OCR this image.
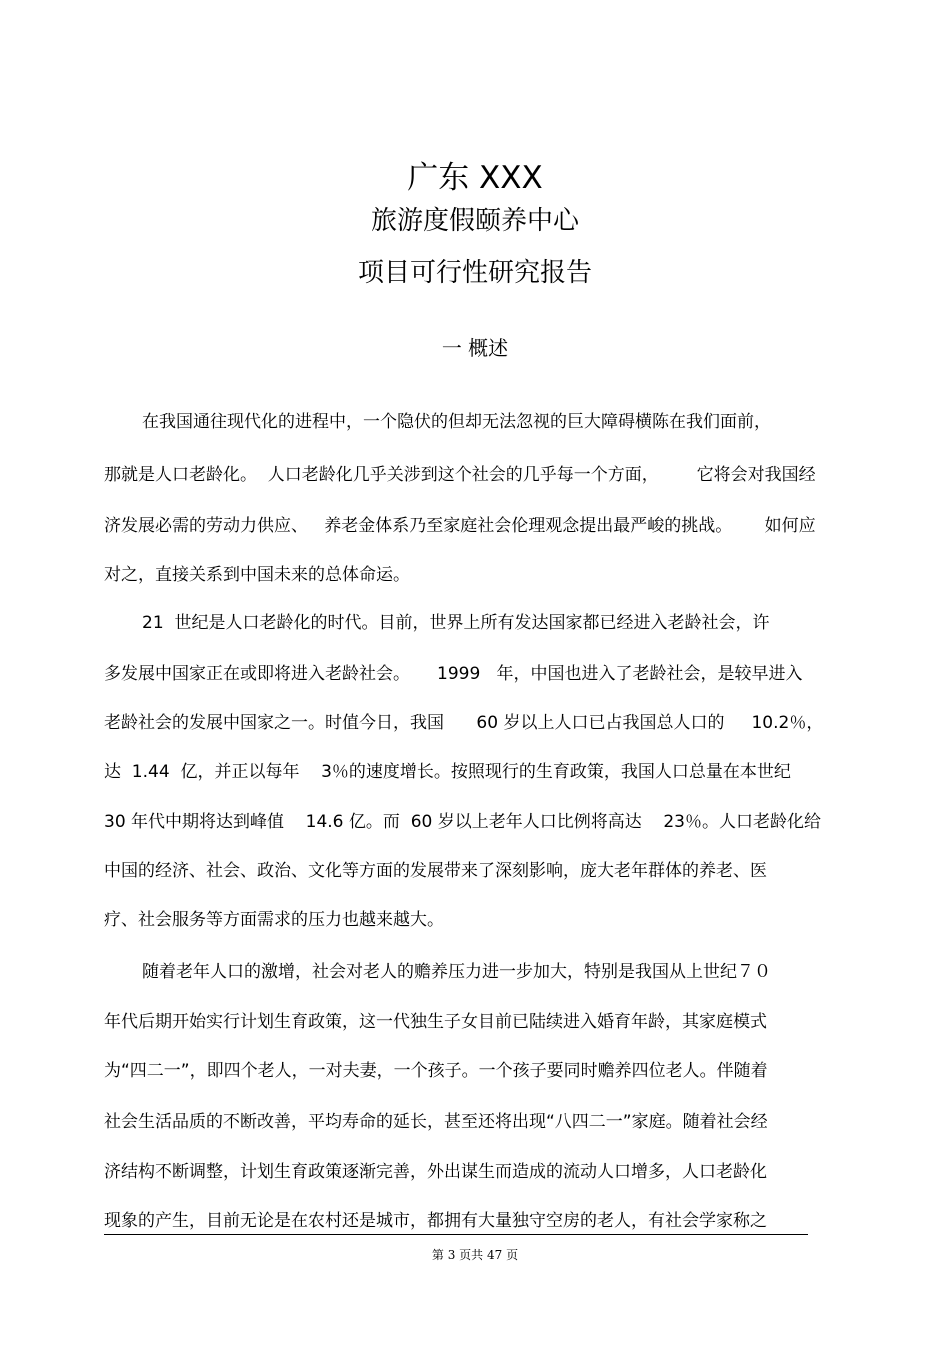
广东 XXX
旅游度假颐养中心
项目可行性研究报告
一 概述
在我国通往现代化的进程中，一个隐伏的但却无法忽视的巨大障碍横陈在我们面前，
那就是人口老龄化。  人口老龄化几乎关涉到这个社会的几乎每一个方面，       它将会对我国经
济发展必需的劳动力供应、   养老金体系乃至家庭社会伦理观念提出最严峻的挑战。      如何应
对之，直接关系到中国未来的总体命运。
21  世纪是人口老龄化的时代。目前，世界上所有发达国家都已经进入老龄社会，许
多发展中国家正在或即将进入老龄社会。     1999   年，中国也进入了老龄社会，是较早进入
老龄社会的发展中国家之一。时值今日，我国      60 岁以上人口已占我国总人口的     10.2％，
达  1.44  亿，并正以每年    3％的速度增长。按照现行的生育政策，我国人口总量在本世纪
30 年代中期将达到峰值    14.6 亿。而  60 岁以上老年人口比例将高达    23％。人口老龄化给
中国的经济、社会、政治、文化等方面的发展带来了深刻影响，庞大老年群体的养老、医
疗、社会服务等方面需求的压力也越来越大。
随着老年人口的激增，社会对老人的赡养压力进一步加大，特别是我国从上世纪７０
年代后期开始实行计划生育政策，这一代独生子女目前已陆续进入婚育年龄，其家庭模式
为“四二一”，即四个老人，一对夫妻，一个孩子。一个孩子要同时赡养四位老人。伴随着
社会生活品质的不断改善，平均寿命的延长，甚至还将出现“八四二一”家庭。随着社会经
济结构不断调整，计划生育政策逐渐完善，外出谋生而造成的流动人口增多，人口老龄化
现象的产生，目前无论是在农村还是城市，都拥有大量独守空房的老人，有社会学家称之
第 3 页共 47 页
